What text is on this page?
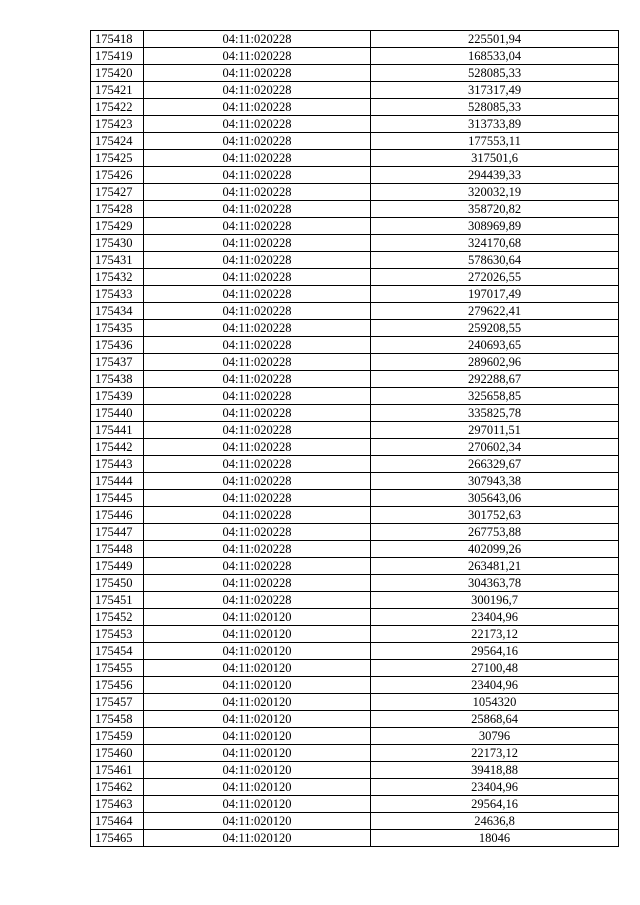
175418	04:11:020228	225501,94
175419	04:11:020228	168533,04
175420	04:11:020228	528085,33
175421	04:11:020228	317317,49
175422	04:11:020228	528085,33
175423	04:11:020228	313733,89
175424	04:11:020228	177553,11
175425	04:11:020228	317501,6
175426	04:11:020228	294439,33
175427	04:11:020228	320032,19
175428	04:11:020228	358720,82
175429	04:11:020228	308969,89
175430	04:11:020228	324170,68
175431	04:11:020228	578630,64
175432	04:11:020228	272026,55
175433	04:11:020228	197017,49
175434	04:11:020228	279622,41
175435	04:11:020228	259208,55
175436	04:11:020228	240693,65
175437	04:11:020228	289602,96
175438	04:11:020228	292288,67
175439	04:11:020228	325658,85
175440	04:11:020228	335825,78
175441	04:11:020228	297011,51
175442	04:11:020228	270602,34
175443	04:11:020228	266329,67
175444	04:11:020228	307943,38
175445	04:11:020228	305643,06
175446	04:11:020228	301752,63
175447	04:11:020228	267753,88
175448	04:11:020228	402099,26
175449	04:11:020228	263481,21
175450	04:11:020228	304363,78
175451	04:11:020228	300196,7
175452	04:11:020120	23404,96
175453	04:11:020120	22173,12
175454	04:11:020120	29564,16
175455	04:11:020120	27100,48
175456	04:11:020120	23404,96
175457	04:11:020120	1054320
175458	04:11:020120	25868,64
175459	04:11:020120	30796
175460	04:11:020120	22173,12
175461	04:11:020120	39418,88
175462	04:11:020120	23404,96
175463	04:11:020120	29564,16
175464	04:11:020120	24636,8
175465	04:11:020120	18046
